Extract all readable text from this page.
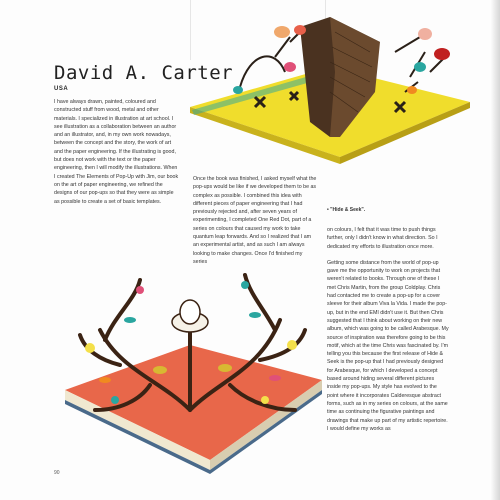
David A. Carter
USA

I have always drawn, painted, coloured and constructed stuff from wood, metal and other materials. I specialized in illustration at art school. I see illustration as a collaboration between an author and an illustrator, and, in my own work nowadays, between the concept and the story, the work of art and the paper engineering. If the illustrating is good, but does not work with the text or the paper engineering, then I will modify the illustrations. When I created The Elements of Pop-Up with Jim, our book on the art of paper engineering, we refined the designs of our pop-ups so that they were as simple as possible to create a set of basic templates.

Once the book was finished, I asked myself what the pop-ups would be like if we developed them to be as complex as possible. I combined this idea with different pieces of paper engineering that I had previously rejected and, after seven years of experimenting, I completed One Red Dot, part of a series on colours that caused my work to take quantum leap forwards. And so I realized that I am an experimental artist, and as such I am always looking to make changes. Once I'd finished my series

• "Hide & Seek".

on colours, I felt that it was time to push things further, only I didn't know in what direction. So I dedicated my efforts to illustration once more.

Getting some distance from the world of pop-up gave me the opportunity to work on projects that weren't related to books. Through one of these I met Chris Martin, from the group Coldplay. Chris had contacted me to create a pop-up for a cover sleeve for their album Viva la Vida. I made the pop-up, but in the end EMI didn't use it. But then Chris suggested that I think about working on their new album, which was going to be called Arabesque. My source of inspiration was therefore going to be this motif, which at the time Chris was fascinated by. I'm telling you this because the first release of Hide & Seek is the pop-up that I had previously designed for Arabesque, for which I developed a concept based around hiding several different pictures inside my pop-ups. My style has evolved to the point where it incorporates Calderesque abstract forms, such as in my series on colours, at the same time as continuing the figurative paintings and drawings that make up part of my artistic repertoire. I would define my works as

90
